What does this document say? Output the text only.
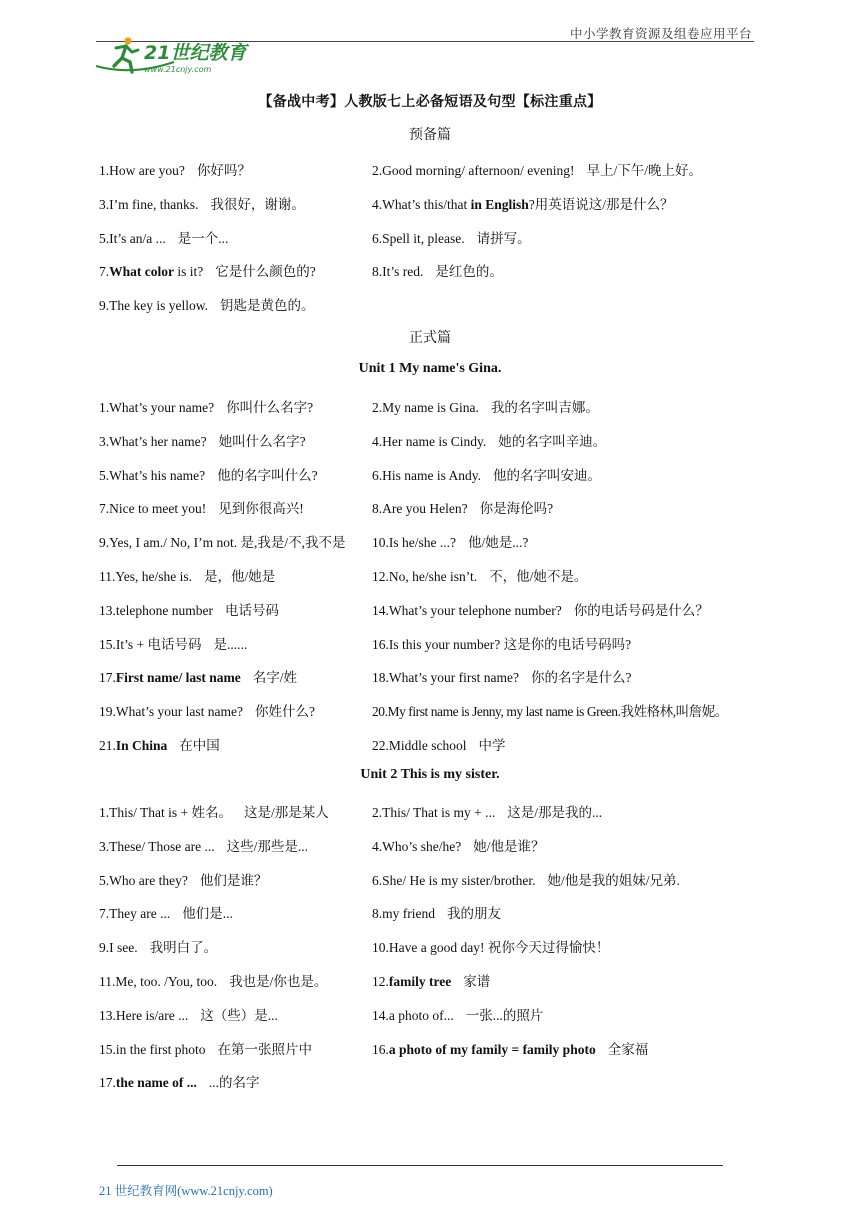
中小学教育资源及组卷应用平台
21世纪教育
www.21cnjy.com
【备战中考】人教版七上必备短语及句型【标注重点】
预备篇
1.How are you? 你好吗？	2.Good morning/ afternoon/ evening! 早上/下午/晚上好。
3.I’m fine, thanks. 我很好，谢谢。	4.What’s this/that in English?用英语说这/那是什么？
5.It’s an/a ... 是一个...	6.Spell it, please. 请拼写。
7.What color is it? 它是什么颜色的?	8.It’s red. 是红色的。
9.The key is yellow. 钥匙是黄色的。
正式篇
Unit 1 My name's Gina.
1.What’s your name? 你叫什么名字?	2.My name is Gina. 我的名字叫吉娜。
3.What’s her name? 她叫什么名字?	4.Her name is Cindy. 她的名字叫辛迪。
5.What’s his name? 他的名字叫什么?	6.His name is Andy. 他的名字叫安迪。
7.Nice to meet you! 见到你很高兴!	8.Are you Helen? 你是海伦吗?
9.Yes, I am./ No, I’m not. 是,我是/不,我不是 10.Is he/she ...? 他/她是...?
11.Yes, he/she is. 是，他/她是	12.No, he/she isn’t. 不，他/她不是。
13.telephone number 电话号码	14.What’s your telephone number? 你的电话号码是什么？
15.It’s + 电话号码 是......	16.Is this your number? 这是你的电话号码吗?
17.First name/ last name 名字/姓	18.What’s your first name? 你的名字是什么?
19.What’s your last name? 你姓什么?	20.My first name is Jenny, my last name is Green.我姓格林,叫詹妮。
21.In China 在中国	22.Middle school 中学
Unit 2 This is my sister.
1.This/ That is + 姓名。 这是/那是某人	2.This/ That is my + ... 这是/那是我的...
3.These/ Those are ... 这些/那些是...	4.Who’s she/he? 她/他是谁？
5.Who are they? 他们是谁？	6.She/ He is my sister/brother. 她/他是我的姐妹/兄弟.
7.They are ... 他们是...	8.my friend 我的朋友
9.I see. 我明白了。	10.Have a good day! 祝你今天过得愉快！
11.Me, too. /You, too. 我也是/你也是。	12.family tree 家谱
13.Here is/are ... 这（些）是...	14.a photo of... 一张...的照片
15.in the first photo 在第一张照片中	16.a photo of my family = family photo 全家福
17.the name of ... ...的名字
21 世纪教育网(www.21cnjy.com)
